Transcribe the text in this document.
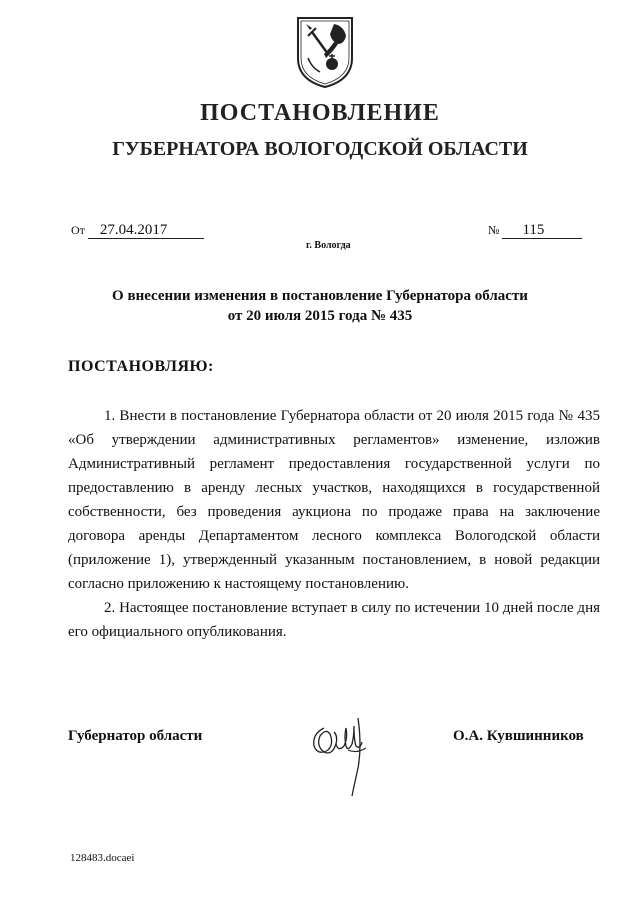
ПОСТАНОВЛЕНИЕ
ГУБЕРНАТОРА ВОЛОГОДСКОЙ ОБЛАСТИ
От 27.04.2017	№ 115
г. Вологда
О внесении изменения в постановление Губернатора области
от 20 июля 2015 года № 435
ПОСТАНОВЛЯЮ:

1. Внести в постановление Губернатора области от 20 июля 2015 года № 435 «Об утверждении административных регламентов» изменение, изложив Административный регламент предоставления государственной услуги по предоставлению в аренду лесных участков, находящихся в государственной собственности, без проведения аукциона по продаже права на заключение договора аренды Департаментом лесного комплекса Вологодской области (приложение 1), утвержденный указанным постановлением, в новой редакции согласно приложению к настоящему постановлению.

2. Настоящее постановление вступает в силу по истечении 10 дней после дня его официального опубликования.

Губернатор области	О.А. Кувшинников
128483.docaei
